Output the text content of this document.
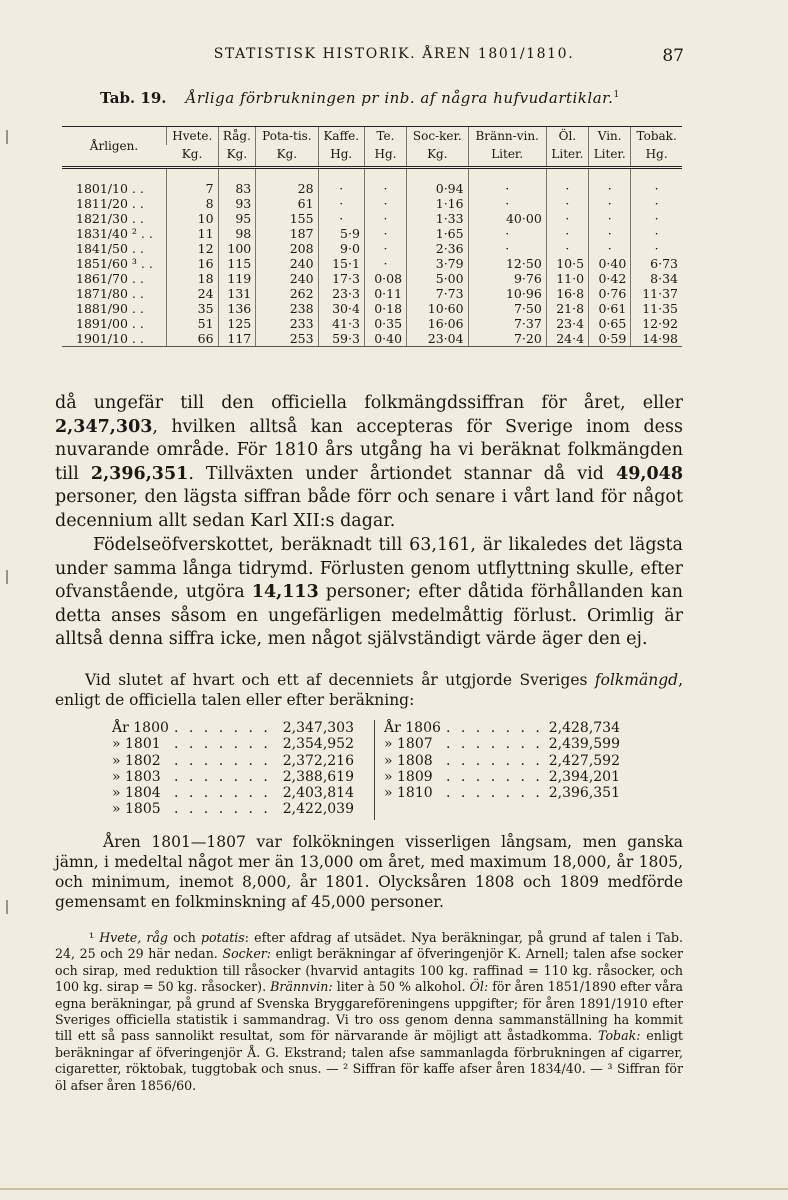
STATISTISK HISTORIK. ÅREN 1801/1810.	87
Tab. 19. Årliga förbrukningen pr inb. af några hufvudartiklar.$^1$
Årligen.	Hvete.	Råg.	Pota-tis.	Kaffe.	Te.	Soc-ker.	Bränn-vin.	Öl.	Vin.	Tobak.
	Kg.	Kg.	Kg.	Hg.	Hg.	Kg.	Liter.	Liter.	Liter.	Hg.
1801/10 . .	7	83	28	·	·	0·94	·	·	·	·
1811/20 . .	8	93	61	·	·	1·16	·	·	·	·
1821/30 . .	10	95	155	·	·	1·33	40·00	·	·	·
1831/40 ² . .	11	98	187	5·9	·	1·65	·	·	·	·
1841/50 . .	12	100	208	9·0	·	2·36	·	·	·	·
1851/60 ³ . .	16	115	240	15·1	·	3·79	12·50	10·5	0·40	6·73
1861/70 . .	18	119	240	17·3	0·08	5·00	9·76	11·0	0·42	8·34
1871/80 . .	24	131	262	23·3	0·11	7·73	10·96	16·8	0·76	11·37
1881/90 . .	35	136	238	30·4	0·18	10·60	7·50	21·8	0·61	11·35
1891/00 . .	51	125	233	41·3	0·35	16·06	7·37	23·4	0·65	12·92
1901/10 . .	66	117	253	59·3	0·40	23·04	7·20	24·4	0·59	14·98
då ungefär till den officiella folkmängdssiffran för året, eller 2,347,303, hvilken alltså kan accepteras för Sverige inom dess nuvarande område. För 1810 års utgång ha vi beräknat folkmängden till 2,396,351. Tillväxten under årtiondet stannar då vid 49,048 personer, den lägsta siffran både förr och senare i vårt land för något decennium allt sedan Karl XII:s dagar.
Födelseöfverskottet, beräknadt till 63,161, är likaledes det lägsta under samma långa tidrymd. Förlusten genom utflyttning skulle, efter ofvanstående, utgöra 14,113 personer; efter dåtida förhållanden kan detta anses såsom en ungefärligen medelmåttig förlust. Orimlig är alltså denna siffra icke, men något självständigt värde äger den ej.
Vid slutet af hvart och ett af decenniets år utgjorde Sveriges folkmängd, enligt de officiella talen eller efter beräkning:
År 1800 . . . . . . . 2,347,303
» 1801 . . . . . . . 2,354,952
» 1802 . . . . . . . 2,372,216
» 1803 . . . . . . . 2,388,619
» 1804 . . . . . . . 2,403,814
» 1805 . . . . . . . 2,422,039
År 1806 . . . . . . . 2,428,734
» 1807 . . . . . . . 2,439,599
» 1808 . . . . . . . 2,427,592
» 1809 . . . . . . . 2,394,201
» 1810 . . . . . . . 2,396,351
Åren 1801—1807 var folkökningen visserligen långsam, men ganska jämn, i medeltal något mer än 13,000 om året, med maximum 18,000, år 1805, och minimum, inemot 8,000, år 1801. Olycksåren 1808 och 1809 medförde gemensamt en folkminskning af 45,000 personer.
¹ Hvete, råg och potatis: efter afdrag af utsädet. Nya beräkningar, på grund af talen i Tab. 24, 25 och 29 här nedan. Socker: enligt beräkningar af öfveringenjör K. Arnell; talen afse socker och sirap, med reduktion till råsocker (hvarvid antagits 100 kg. raffinad = 110 kg. råsocker, och 100 kg. sirap = 50 kg. råsocker). Brännvin: liter à 50 % alkohol. Öl: för åren 1851/1890 efter våra egna beräkningar, på grund af Svenska Bryggareföreningens uppgifter; för åren 1891/1910 efter Sveriges officiella statistik i sammandrag. Vi tro oss genom denna sammanställning ha kommit till ett så pass sannolikt resultat, som för närvarande är möjligt att åstadkomma. Tobak: enligt beräkningar af öfveringenjör Å. G. Ekstrand; talen afse sammanlagda förbrukningen af cigarrer, cigaretter, röktobak, tuggtobak och snus. — ² Siffran för kaffe afser åren 1834/40. — ³ Siffran för öl afser åren 1856/60.
